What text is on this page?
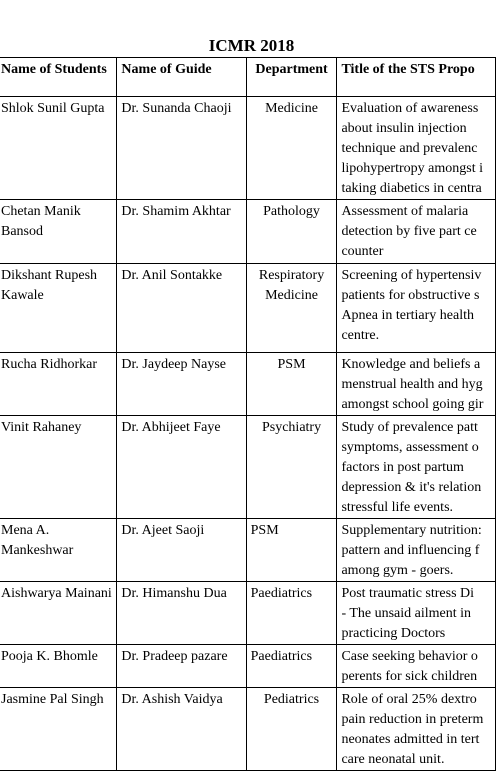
ICMR 2018
Name of Students	Name of Guide	Department	Title of the STS Propo

Shlok Sunil Gupta	Dr. Sunanda Chaoji	Medicine	Evaluation of awareness
about insulin injection
technique and prevalenc
lipohypertropy amongst i
taking diabetics in centra

Chetan Manik
Bansod	Dr. Shamim Akhtar	Pathology	Assessment of malaria
detection by five part ce
counter

Dikshant Rupesh
Kawale	Dr. Anil Sontakke	Respiratory
Medicine	Screening of hypertensiv
patients for obstructive s
Apnea in tertiary health
centre.

Rucha Ridhorkar	Dr. Jaydeep Nayse	PSM	Knowledge and beliefs a
menstrual health and hyg
amongst school going gir

Vinit Rahaney	Dr. Abhijeet Faye	Psychiatry	Study of prevalence patt
symptoms, assessment o
factors in post partum
depression & it's relation
stressful life events.

Mena A.
Mankeshwar	Dr. Ajeet Saoji	PSM	Supplementary nutrition:
pattern and influencing f
among gym - goers.

Aishwarya Mainani	Dr. Himanshu Dua	Paediatrics	Post traumatic stress Di
- The unsaid ailment in
practicing Doctors

Pooja K. Bhomle	Dr. Pradeep pazare	Paediatrics	Case seeking behavior o
perents for sick children

Jasmine Pal Singh	Dr. Ashish Vaidya	Pediatrics	Role of oral 25% dextro
pain reduction in preterm
neonates admitted in tert
care neonatal unit.
